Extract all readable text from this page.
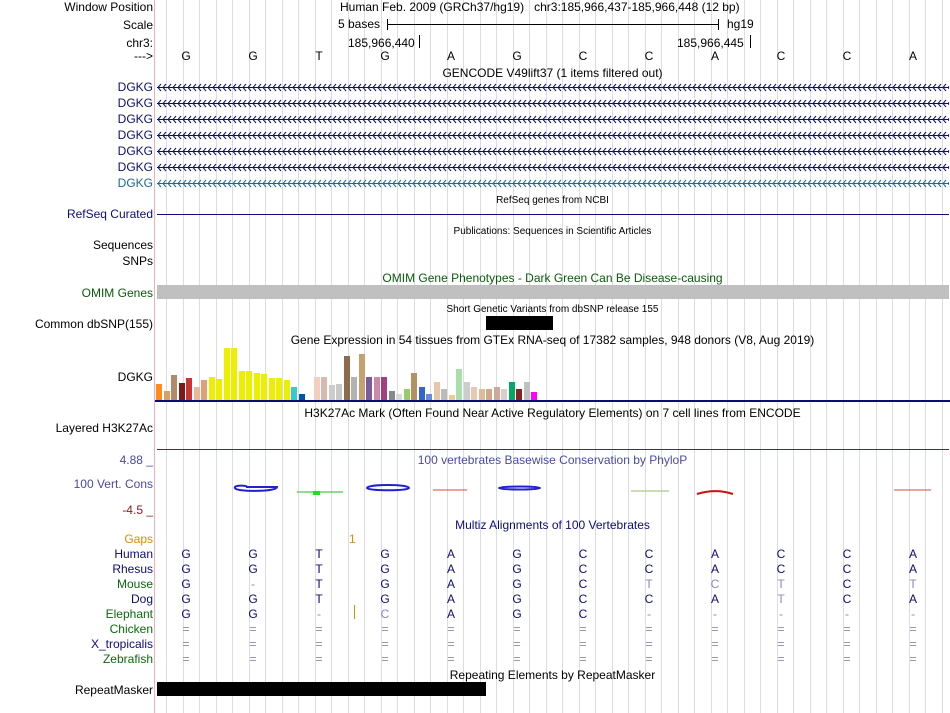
Window Position	Human Feb. 2009 (GRCh37/hg19)   chr3:185,966,437-185,966,448 (12 bp)
Scale	5 bases	hg19
chr3:	185,966,440	185,966,445
--->	G	G	T	G	A	G	C	C	A	C	C	A
GENCODE V49lift37 (1 items filtered out)
DGKG
DGKG
DGKG
DGKG
DGKG
DGKG
DGKG
RefSeq genes from NCBI
RefSeq Curated
Publications: Sequences in Scientific Articles
Sequences
SNPs
OMIM Gene Phenotypes - Dark Green Can Be Disease-causing
OMIM Genes
Short Genetic Variants from dbSNP release 155
Common dbSNP(155)
Gene Expression in 54 tissues from GTEx RNA-seq of 17382 samples, 948 donors (V8, Aug 2019)
DGKG
H3K27Ac Mark (Often Found Near Active Regulatory Elements) on 7 cell lines from ENCODE
Layered H3K27Ac
100 vertebrates Basewise Conservation by PhyloP
4.88 _
100 Vert. Cons
-4.5 _
Multiz Alignments of 100 Vertebrates
Gaps	1
Human	G	G	T	G	A	G	C	C	A	C	C	A
Rhesus	G	G	T	G	A	G	C	C	A	C	C	A
Mouse	G	-	T	G	A	G	C	T	C	T	C	T
Dog	G	G	T	G	A	G	C	C	A	T	C	A
Elephant	G	G	-	C	A	G	C	-	-	-	-	-
Chicken	=	=	=	=	=	=	=	=	=	=	=	=
X_tropicalis	=	=	=	=	=	=	=	=	=	=	=	=
Zebrafish	=	=	=	=	=	=	=	=	=	=	=	=
Repeating Elements by RepeatMasker
RepeatMasker
